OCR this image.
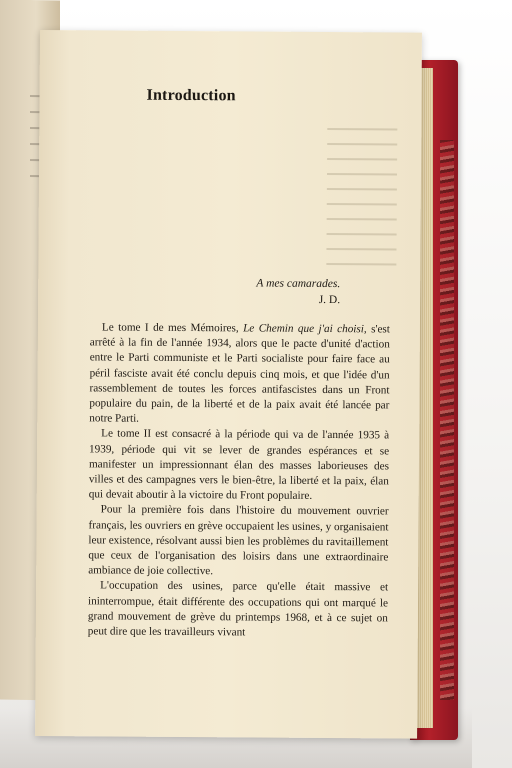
Introduction
A mes camarades.
J. D.

Le tome I de mes Mémoires, Le Chemin que j'ai choisi, s'est arrêté à la fin de l'année 1934, alors que le pacte d'unité d'action entre le Parti communiste et le Parti socialiste pour faire face au péril fasciste avait été conclu depuis cinq mois, et que l'idée d'un rassemblement de toutes les forces antifascistes dans un Front populaire du pain, de la liberté et de la paix avait été lancée par notre Parti.

Le tome II est consacré à la période qui va de l'année 1935 à 1939, période qui vit se lever de grandes espérances et se manifester un impressionnant élan des masses laborieuses des villes et des campagnes vers le bien-être, la liberté et la paix, élan qui devait aboutir à la victoire du Front populaire.

Pour la première fois dans l'histoire du mouvement ouvrier français, les ouvriers en grève occupaient les usines, y organisaient leur existence, résolvant aussi bien les problèmes du ravitaillement que ceux de l'organisation des loisirs dans une extraordinaire ambiance de joie collective.

L'occupation des usines, parce qu'elle était massive et ininterrompue, était différente des occupations qui ont marqué le grand mouvement de grève du printemps 1968, et à ce sujet on peut dire que les travailleurs vivant
